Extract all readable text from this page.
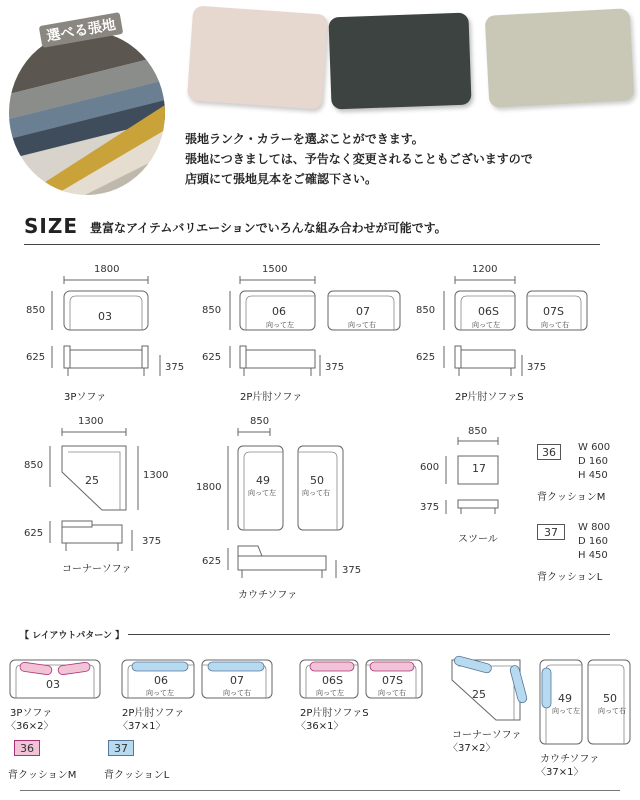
選べる張地
張地ランク・カラーを選ぶことができます。
張地につきましては、予告なく変更されることもございますので
店頭にて張地見本をご確認下さい。
SIZE 豊富なアイテムバリエーションでいろんな組み合わせが可能です。
1800
850	03
625
375
3Pソファ
1500
850	06
向って左
07
向って右
625
375
2P片肘ソファ
1200
850	06S
向って左
07S
向って右
625
375
2P片肘ソファS
1300
850
25	1300
625
375
コーナーソファ
850
1800
49
向って左
50
向って右
625
375
カウチソファ
850
600	17
375
スツール
36 W 600
D 160
H 450
背クッションM
37 W 800
D 160
H 450
背クッションL
【 レイアウトパターン 】
03
3Pソファ
〈36×2〉
06
向って左
07
向って右
2P片肘ソファ
〈37×1〉
06S
向って左
07S
向って右
2P片肘ソファS
〈36×1〉
25
コーナーソファ
〈37×2〉
49
向って左
50
向って右
カウチソファ
〈37×1〉
36
背クッションM
37
背クッションL
